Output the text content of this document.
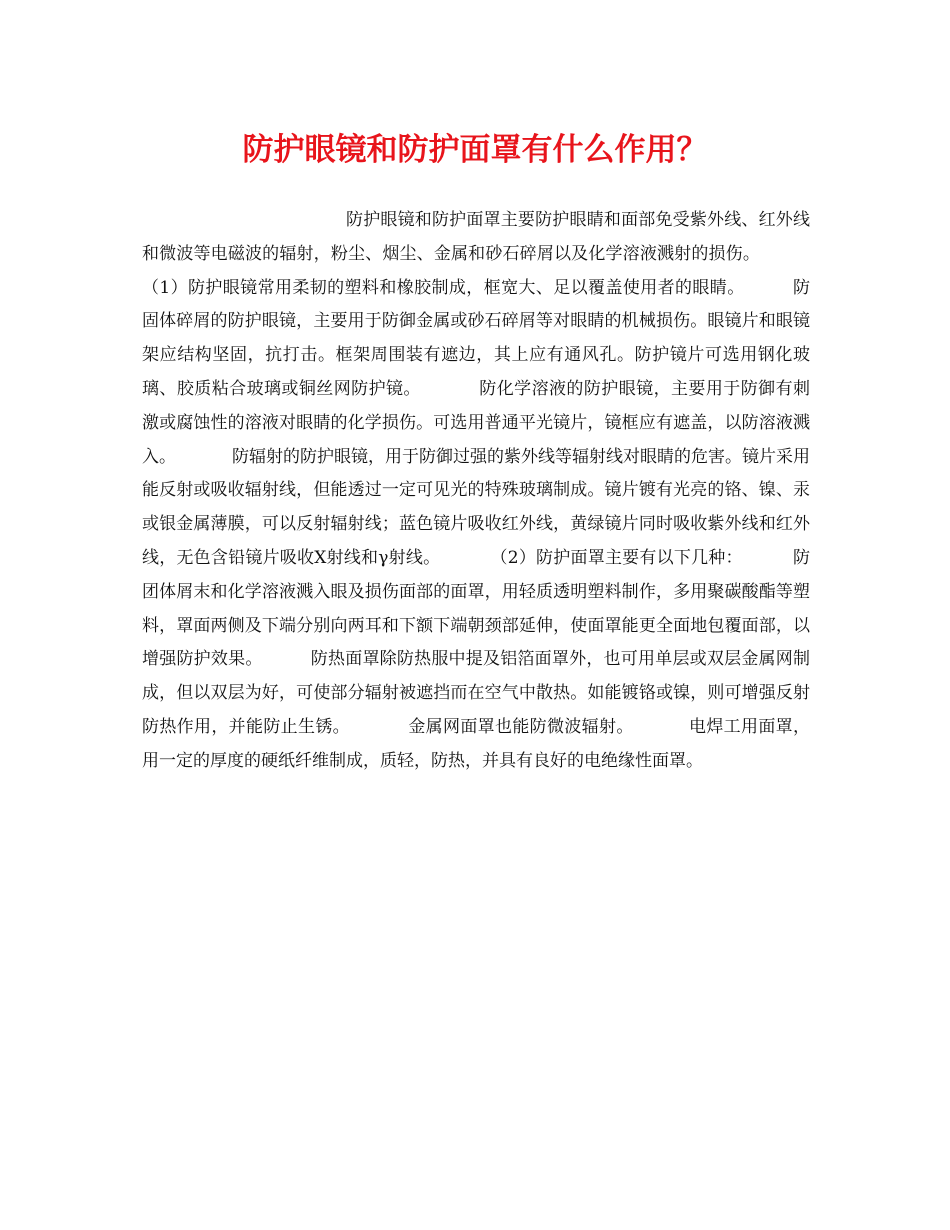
防护眼镜和防护面罩有什么作用？

防护眼镜和防护面罩主要防护眼睛和面部免受紫外线、红外线和微波等电磁波的辐射，粉尘、烟尘、金属和砂石碎屑以及化学溶液溅射的损伤。（1）防护眼镜常用柔韧的塑料和橡胶制成，框宽大、足以覆盖使用者的眼睛。	防固体碎屑的防护眼镜，主要用于防御金属或砂石碎屑等对眼睛的机械损伤。眼镜片和眼镜架应结构坚固，抗打击。框架周围装有遮边，其上应有通风孔。防护镜片可选用钢化玻璃、胶质粘合玻璃或铜丝网防护镜。	防化学溶液的防护眼镜，主要用于防御有刺激或腐蚀性的溶液对眼睛的化学损伤。可选用普通平光镜片，镜框应有遮盖，以防溶液溅入。	防辐射的防护眼镜，用于防御过强的紫外线等辐射线对眼睛的危害。镜片采用能反射或吸收辐射线，但能透过一定可见光的特殊玻璃制成。镜片镀有光亮的铬、镍、汞或银金属薄膜，可以反射辐射线；蓝色镜片吸收红外线，黄绿镜片同时吸收紫外线和红外线，无色含铅镜片吸收X射线和γ射线。	（2）防护面罩主要有以下几种：	防团体屑末和化学溶液溅入眼及损伤面部的面罩，用轻质透明塑料制作，多用聚碳酸酯等塑料，罩面两侧及下端分别向两耳和下额下端朝颈部延伸，使面罩能更全面地包覆面部，以增强防护效果。	防热面罩除防热服中提及铝箔面罩外，也可用单层或双层金属网制成，但以双层为好，可使部分辐射被遮挡而在空气中散热。如能镀铬或镍，则可增强反射防热作用，并能防止生锈。	金属网面罩也能防微波辐射。	电焊工用面罩，用一定的厚度的硬纸纤维制成，质轻，防热，并具有良好的电绝缘性面罩。
